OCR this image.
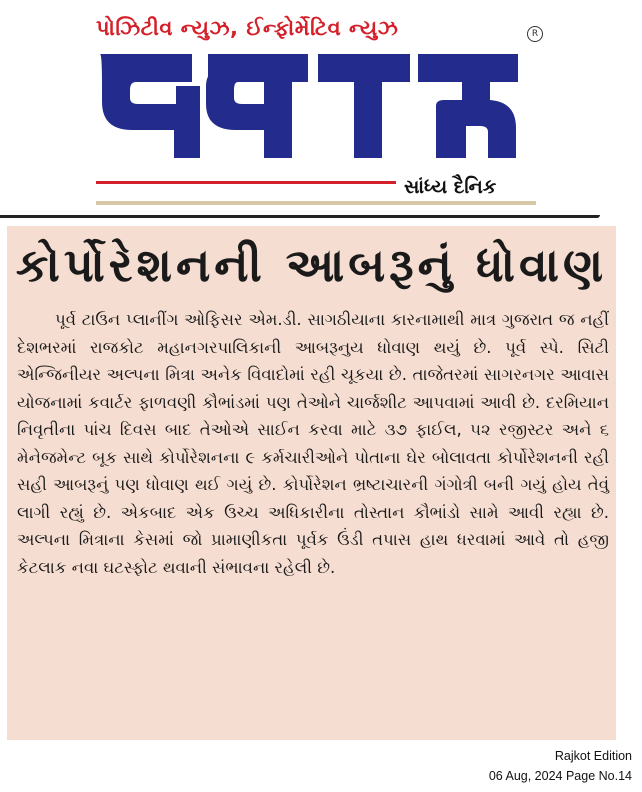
પોઝિટીવ ન્યુઝ, ઈન્ફોર્મેટિવ ન્યુઝ	R
સાંધ્ય દૈનિક
કોર્પોરેશનની આબરૂનું ધોવાણ

પૂર્વ ટાઉન પ્લાનીંગ ઓફિસર એમ.ડી. સાગઠીયાના કારનામાથી માત્ર ગુજરાત જ નહીં દેશભરમાં રાજકોટ મહાનગરપાલિકાની આબરૂનુય ધોવાણ થયું છે. પૂર્વ સ્પે. સિટી એન્જિનીયર અલ્પના મિત્રા અનેક વિવાદોમાં રહી ચૂકયા છે. તાજેતરમાં સાગરનગર આવાસ યોજનામાં કવાર્ટર ફાળવણી કૌભાંડમાં પણ તેઓને ચાર્જશીટ આપવામાં આવી છે. દરમિયાન નિવૃતીના પાંચ દિવસ બાદ તેઓએ સાઈન કરવા માટે ૩૭ ફાઈલ, ૫૨ રજીસ્ટર અને ૬ મેનેજમેન્ટ બૂક સાથે કોર્પોરેશનના ૯ કર્મચારીઓને પોતાના ઘેર બોલાવતા કોર્પોરેશનની રહી સહી આબરૂનું પણ ધોવાણ થઈ ગયું છે. કોર્પોરેશન ભ્રષ્ટાચારની ગંગોત્રી બની ગયું હોય તેવું લાગી રહ્યું છે. એકબાદ એક ઉચ્ચ અધિકારીના તોસ્તાન કૌભાંડો સામે આવી રહ્યા છે. અલ્પના મિત્રાના કેસમાં જો પ્રામાણીકતા પૂર્વક ઉંડી તપાસ હાથ ધરવામાં આવે તો હજી કેટલાક નવા ઘટસ્ફોટ થવાની સંભાવના રહેલી છે.

Rajkot Edition
06 Aug, 2024 Page No.14
